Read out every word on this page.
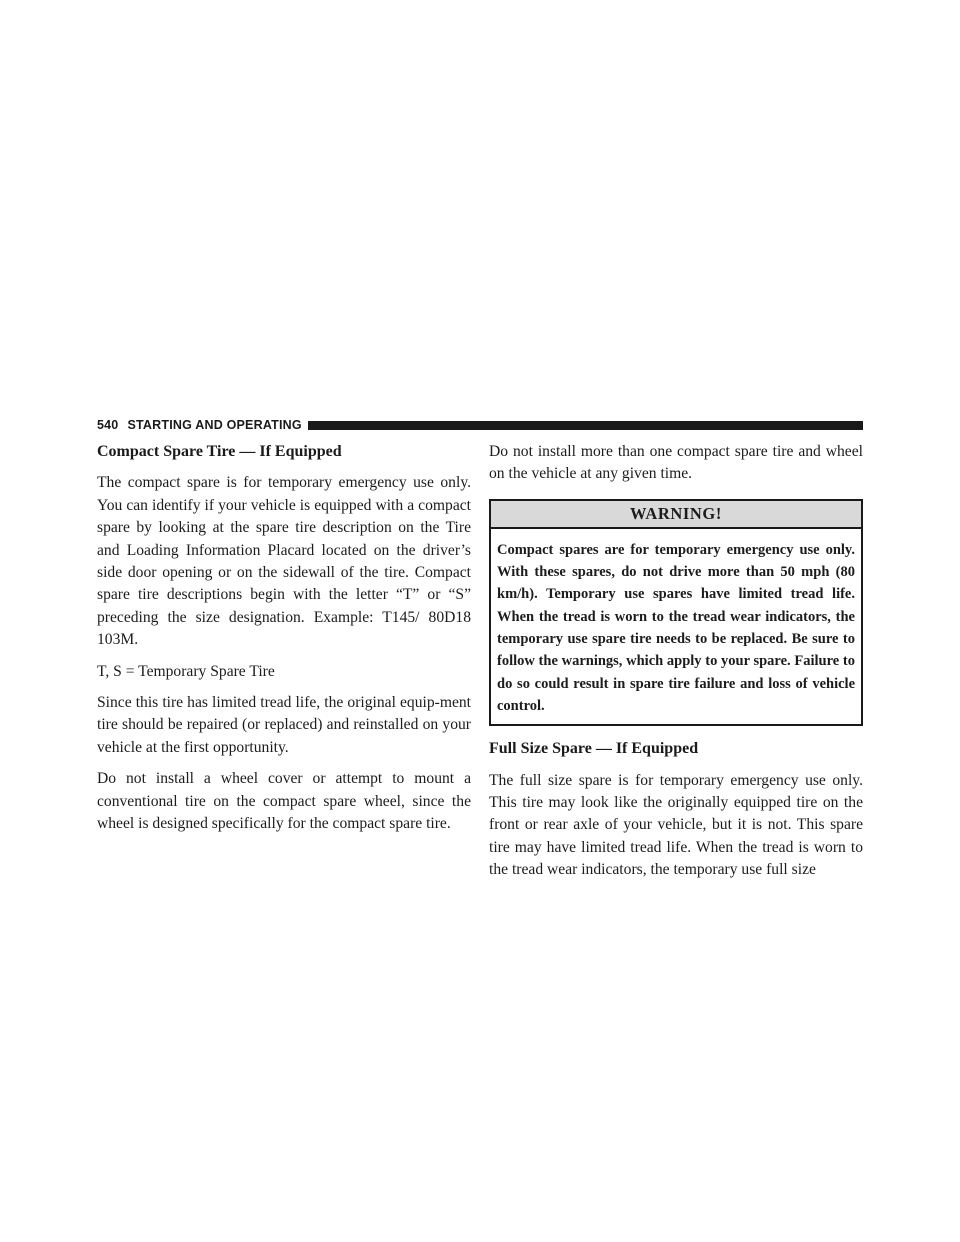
540 STARTING AND OPERATING
Compact Spare Tire — If Equipped

The compact spare is for temporary emergency use only. You can identify if your vehicle is equipped with a compact spare by looking at the spare tire description on the Tire and Loading Information Placard located on the driver’s side door opening or on the sidewall of the tire. Compact spare tire descriptions begin with the letter “T” or “S” preceding the size designation. Example: T145/ 80D18 103M.

T, S = Temporary Spare Tire

Since this tire has limited tread life, the original equip-ment tire should be repaired (or replaced) and reinstalled on your vehicle at the first opportunity.

Do not install a wheel cover or attempt to mount a conventional tire on the compact spare wheel, since the wheel is designed specifically for the compact spare tire.

Do not install more than one compact spare tire and wheel on the vehicle at any given time.

WARNING!
Compact spares are for temporary emergency use only. With these spares, do not drive more than 50 mph (80 km/h). Temporary use spares have limited tread life. When the tread is worn to the tread wear indicators, the temporary use spare tire needs to be replaced. Be sure to follow the warnings, which apply to your spare. Failure to do so could result in spare tire failure and loss of vehicle control.
Full Size Spare — If Equipped

The full size spare is for temporary emergency use only. This tire may look like the originally equipped tire on the front or rear axle of your vehicle, but it is not. This spare tire may have limited tread life. When the tread is worn to the tread wear indicators, the temporary use full size
